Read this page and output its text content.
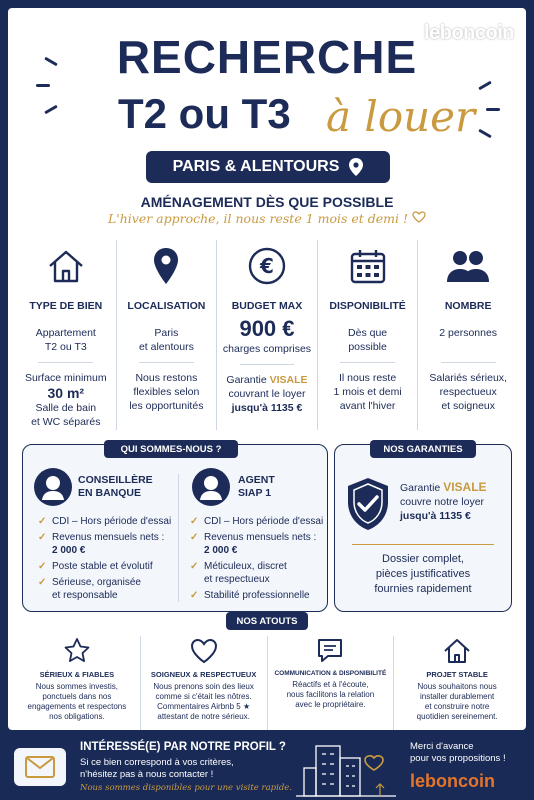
leboncoin
RECHERCHE
T2 ou T3 à louer
PARIS & ALENTOURS
AMÉNAGEMENT DÈS QUE POSSIBLE
L'hiver approche, il nous reste 1 mois et demi !
TYPE DE BIEN
Appartement
T2 ou T3
Surface minimum
30 m²
Salle de bain
et WC séparés
LOCALISATION
Paris
et alentours
Nous restons
flexibles selon
les opportunités
€
BUDGET MAX
900 €
charges comprises
Garantie VISALE
couvrant le loyer
jusqu'à 1135 €
DISPONIBILITÉ
Dès que
possible
Il nous reste
1 mois et demi
avant l'hiver
NOMBRE
2 personnes
Salariés sérieux,
respectueux
et soigneux
QUI SOMMES-NOUS ?
CONSEILLÈRE
EN BANQUE
✓ CDI – Hors période d'essai
✓ Revenus mensuels nets :
2 000 €
✓ Poste stable et évolutif
✓ Sérieuse, organisée
et responsable
AGENT
SIAP 1
✓ CDI – Hors période d'essai
✓ Revenus mensuels nets :
2 000 €
✓ Méticuleux, discret
et respectueux
✓ Stabilité professionnelle
NOS GARANTIES
Garantie VISALE
couvre notre loyer
jusqu'à 1135 €
Dossier complet,
pièces justificatives
fournies rapidement
NOS ATOUTS
SÉRIEUX & FIABLES
Nous sommes investis,
ponctuels dans nos
engagements et respectons
nos obligations.
SOIGNEUX & RESPECTUEUX
Nous prenons soin des lieux
comme si c'était les nôtres.
Commentaires Airbnb 5 ★
attestant de notre sérieux.
COMMUNICATION & DISPONIBILITÉ
Réactifs et à l'écoute,
nous facilitons la relation
avec le propriétaire.
PROJET STABLE
Nous souhaitons nous
installer durablement
et construire notre
quotidien sereinement.
INTÉRESSÉ(E) PAR NOTRE PROFIL ?
Si ce bien correspond à vos critères,
n'hésitez pas à nous contacter !
Nous sommes disponibles pour une visite rapide.
Merci d'avance
pour vos propositions !
leboncoin
